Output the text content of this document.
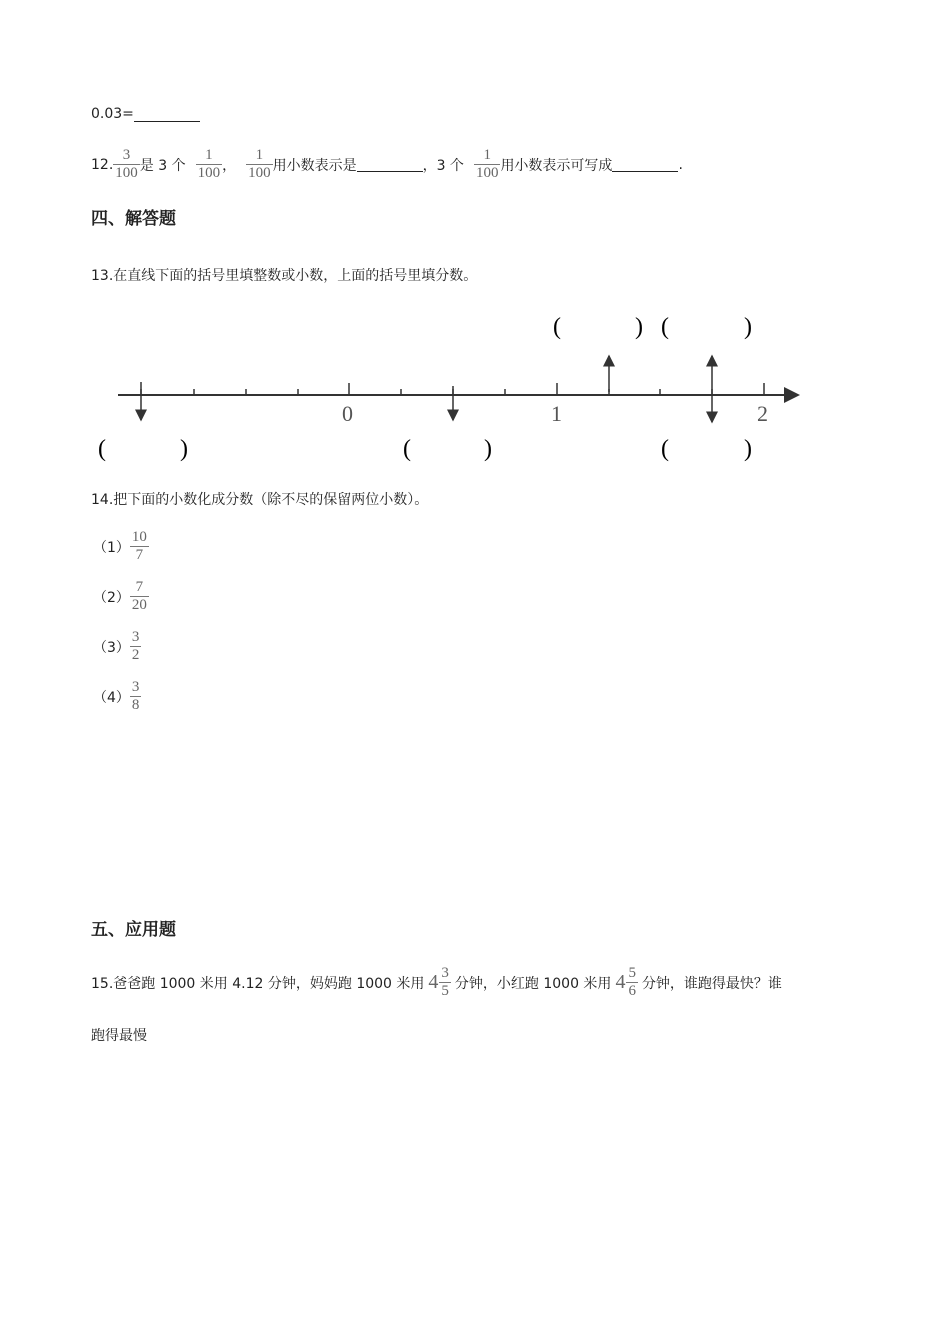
0.03=
12. $\frac{3}{100}$ 是 3 个 $\frac{1}{100}$ ， $\frac{1}{100}$ 用小数表示是	，3 个 $\frac{1}{100}$ 用小数表示可写成	.
四、解答题
13.在直线下面的括号里填整数或小数，上面的括号里填分数。
0	1	2
(	) (	)
(	)	(	)	(	)
14.把下面的小数化成分数（除不尽的保留两位小数）。
$(1) \frac{10}{7}$
$(2) \frac{7}{20}$
$(3) \frac{3}{2}$
$(4) \frac{3}{8}$
五、应用题
15.爸爸跑 1000 米用 4.12 分钟，妈妈跑 1000 米用 $4 \frac{3}{5}$ 分钟，小红跑 1000 米用 $4 \frac{5}{6}$ 分钟，谁跑得最快？谁
跑得最慢
